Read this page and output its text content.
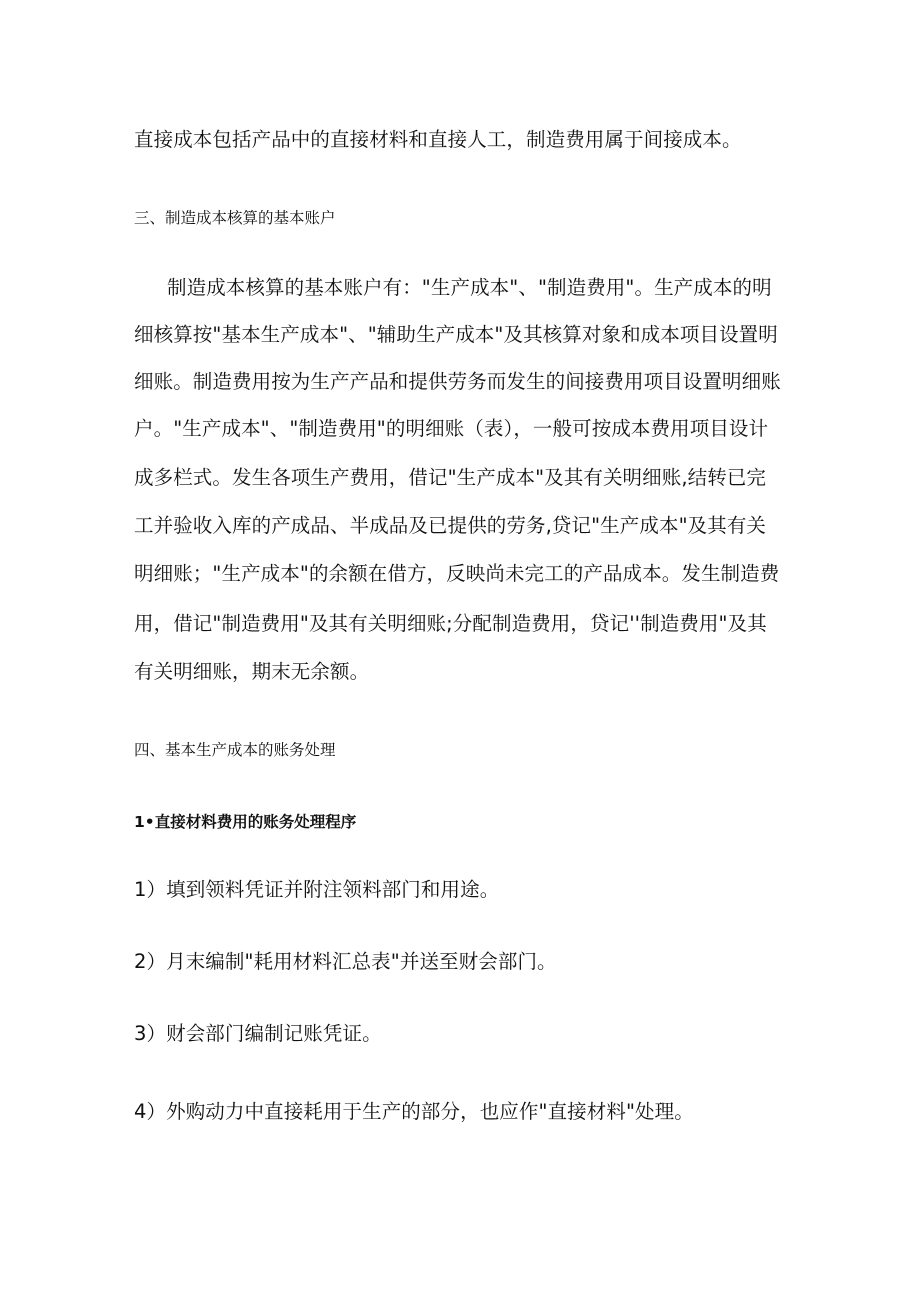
直接成本包括产品中的直接材料和直接人工，制造费用属于间接成本。

三、制造成本核算的基本账户

制造成本核算的基本账户有："生产成本"、"制造费用"。生产成本的明

细核算按"基本生产成本"、"辅助生产成本"及其核算对象和成本项目设置明

细账。制造费用按为生产产品和提供劳务而发生的间接费用项目设置明细账

户。"生产成本"、"制造费用"的明细账（表），一般可按成本费用项目设计

成多栏式。发生各项生产费用，借记"生产成本"及其有关明细账,结转已完

工并验收入库的产成品、半成品及已提供的劳务,贷记"生产成本"及其有关

明细账；"生产成本"的余额在借方，反映尚未完工的产品成本。发生制造费

用，借记"制造费用"及其有关明细账;分配制造费用，贷记''制造费用"及其

有关明细账，期末无余额。

四、基本生产成本的账务处理

1•直接材料费用的账务处理程序

1）填到领料凭证并附注领料部门和用途。

2）月末编制"耗用材料汇总表"并送至财会部门。

3）财会部门编制记账凭证。

4）外购动力中直接耗用于生产的部分，也应作"直接材料"处理。
